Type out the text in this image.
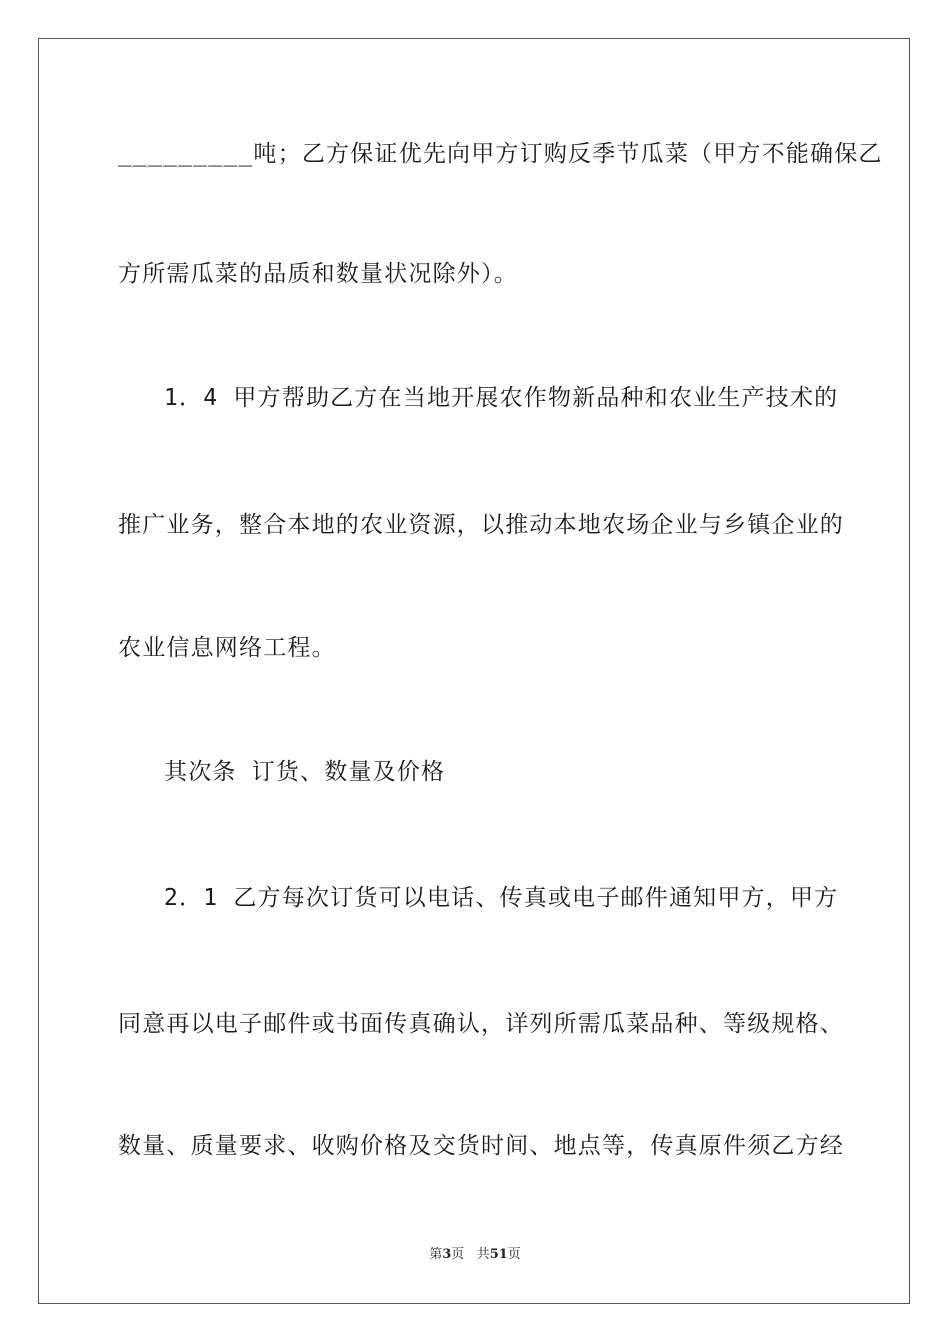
_________吨；乙方保证优先向甲方订购反季节瓜菜（甲方不能确保乙
方所需瓜菜的品质和数量状况除外）。
1．4 甲方帮助乙方在当地开展农作物新品种和农业生产技术的
推广业务，整合本地的农业资源，以推动本地农场企业与乡镇企业的
农业信息网络工程。
其次条 订货、数量及价格
2．1 乙方每次订货可以电话、传真或电子邮件通知甲方，甲方
同意再以电子邮件或书面传真确认，详列所需瓜菜品种、等级规格、
数量、质量要求、收购价格及交货时间、地点等，传真原件须乙方经
第3页 共51页
